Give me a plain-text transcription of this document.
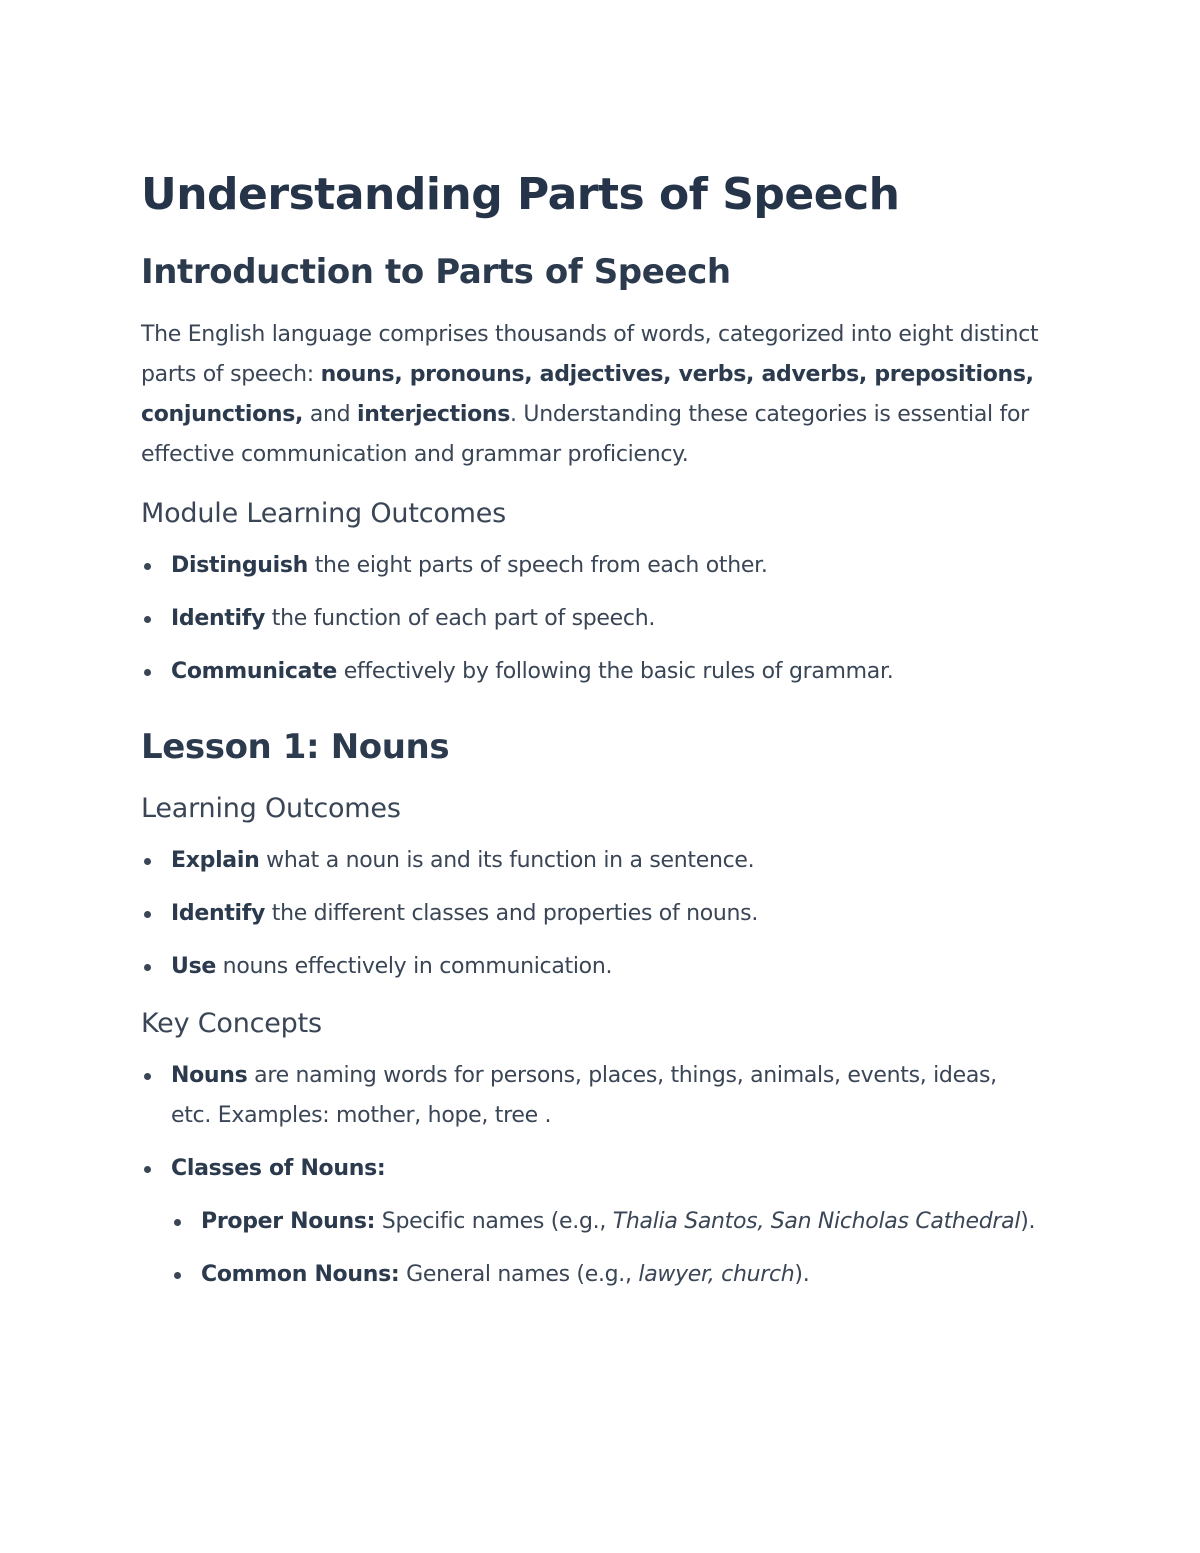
Understanding Parts of Speech
Introduction to Parts of Speech

The English language comprises thousands of words, categorized into eight distinct parts of speech: nouns, pronouns, adjectives, verbs, adverbs, prepositions, conjunctions, and interjections. Understanding these categories is essential for effective communication and grammar proficiency.

Module Learning Outcomes
Distinguish the eight parts of speech from each other.
Identify the function of each part of speech.
Communicate effectively by following the basic rules of grammar.
Lesson 1: Nouns
Learning Outcomes
Explain what a noun is and its function in a sentence.
Identify the different classes and properties of nouns.
Use nouns effectively in communication.
Key Concepts
Nouns are naming words for persons, places, things, animals, events, ideas, etc. Examples: mother, hope, tree .
Classes of Nouns:
Proper Nouns: Specific names (e.g., Thalia Santos, San Nicholas Cathedral).
Common Nouns: General names (e.g., lawyer, church).
